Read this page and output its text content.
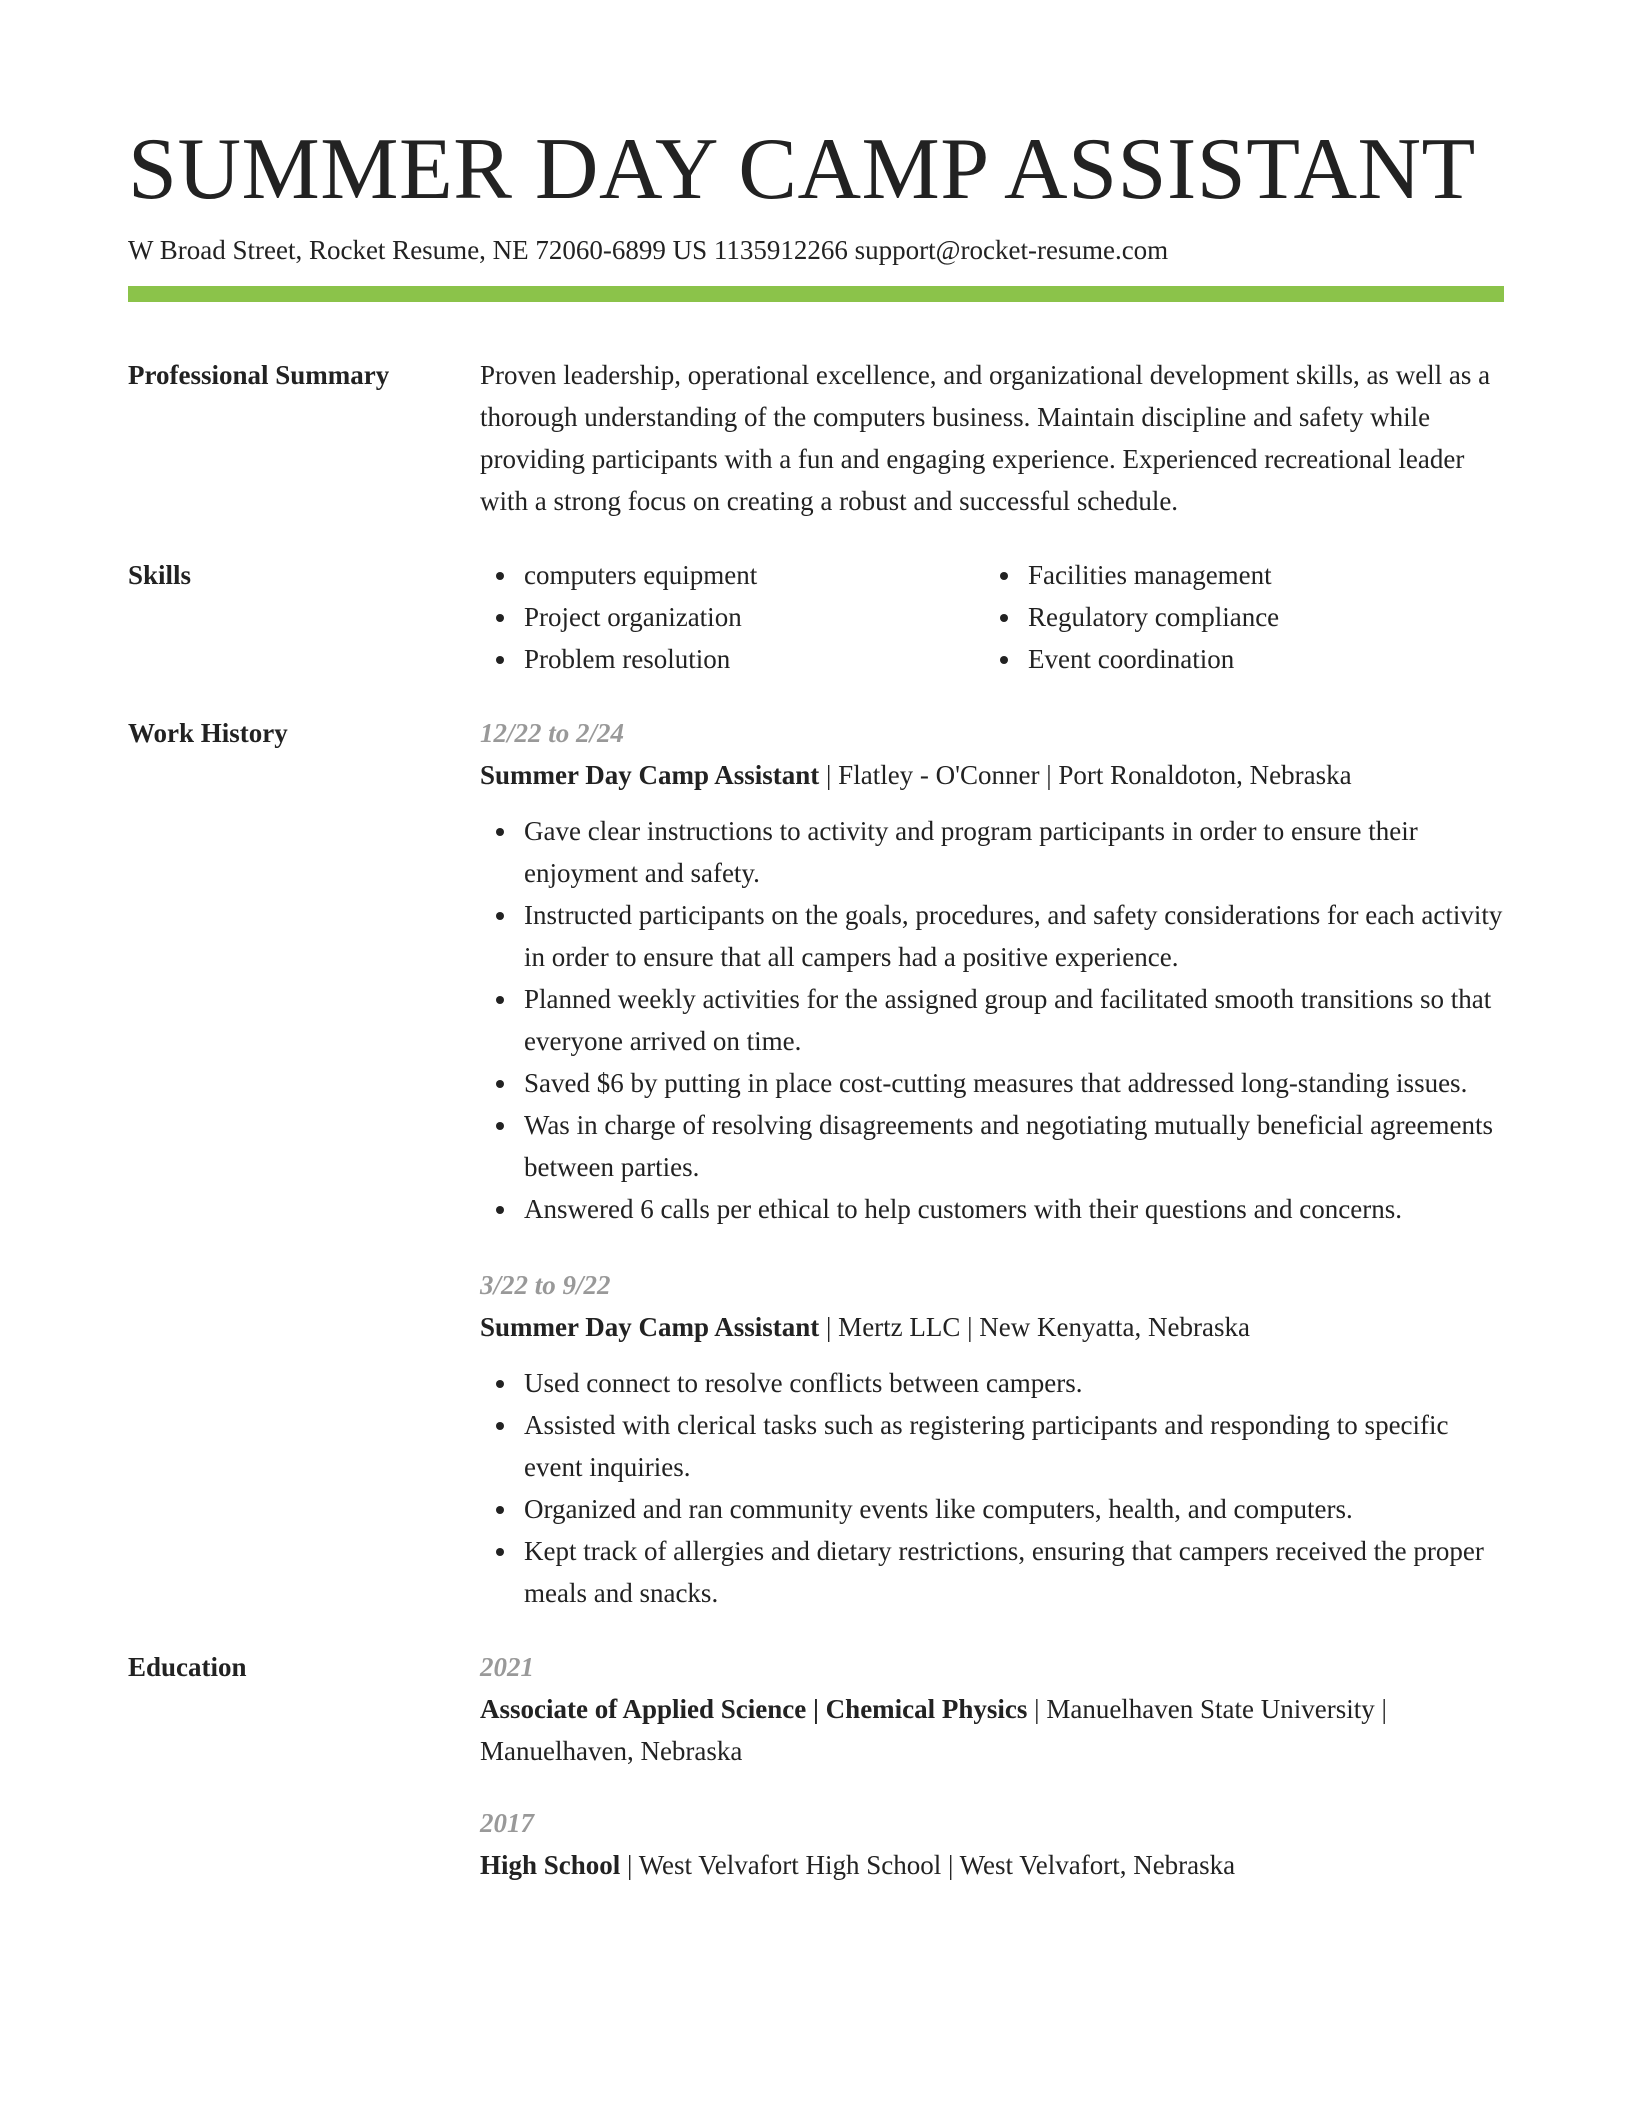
SUMMER DAY CAMP ASSISTANT
W Broad Street, Rocket Resume, NE 72060-6899 US 1135912266 support@rocket-resume.com
Professional Summary	Proven leadership, operational excellence, and organizational development skills, as well as a thorough understanding of the computers business. Maintain discipline and safety while providing participants with a fun and engaging experience. Experienced recreational leader with a strong focus on creating a robust and successful schedule.

Skills	computers equipment
Project organization
Problem resolution
Facilities management
Regulatory compliance
Event coordination
Work History	12/22 to 2/24
Summer Day Camp Assistant | Flatley - O'Conner | Port Ronaldoton, Nebraska
Gave clear instructions to activity and program participants in order to ensure their enjoyment and safety.
Instructed participants on the goals, procedures, and safety considerations for each activity in order to ensure that all campers had a positive experience.
Planned weekly activities for the assigned group and facilitated smooth transitions so that everyone arrived on time.
Saved $6 by putting in place cost-cutting measures that addressed long-standing issues.
Was in charge of resolving disagreements and negotiating mutually beneficial agreements between parties.
Answered 6 calls per ethical to help customers with their questions and concerns.
3/22 to 9/22
Summer Day Camp Assistant | Mertz LLC | New Kenyatta, Nebraska
Used connect to resolve conflicts between campers.
Assisted with clerical tasks such as registering participants and responding to specific event inquiries.
Organized and ran community events like computers, health, and computers.
Kept track of allergies and dietary restrictions, ensuring that campers received the proper meals and snacks.
Education	2021
Associate of Applied Science | Chemical Physics | Manuelhaven State University | Manuelhaven, Nebraska
2017
High School | West Velvafort High School | West Velvafort, Nebraska
